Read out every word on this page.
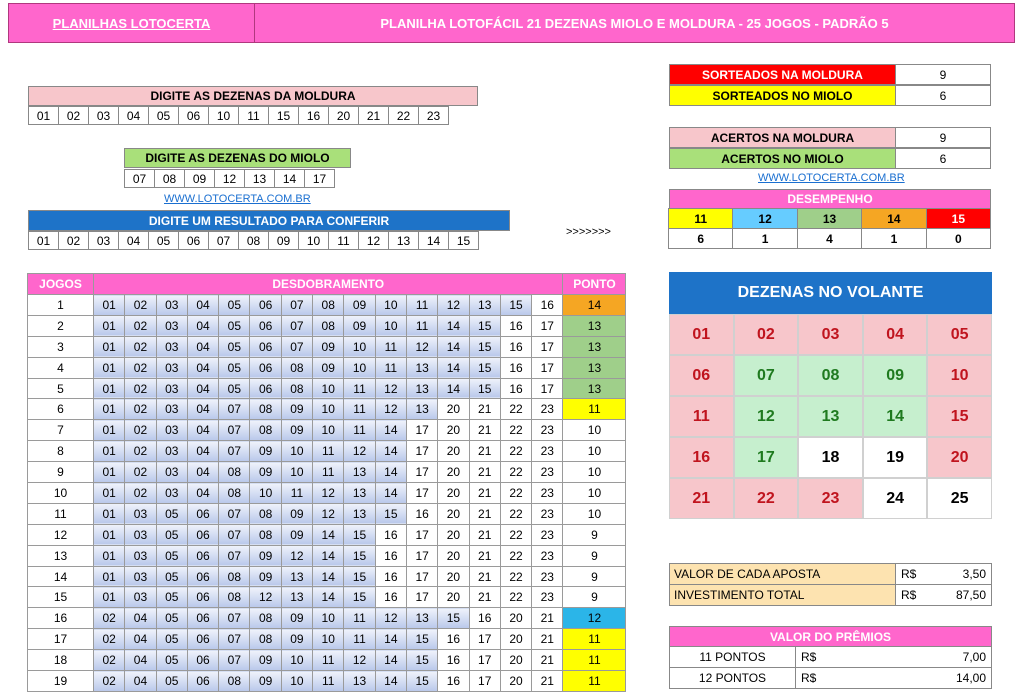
PLANILHAS LOTOCERTA	PLANILHA LOTOFÁCIL 21 DEZENAS MIOLO E MOLDURA - 25 JOGOS - PADRÃO 5
DIGITE AS DEZENAS DA MOLDURA
01	02	03	04	05	06	10	11	15	16	20	21	22	23
DIGITE AS DEZENAS DO MIOLO
07	08	09	12	13	14	17
WWW.LOTOCERTA.COM.BR
DIGITE UM RESULTADO PARA CONFERIR
01	02	03	04	05	06	07	08	09	10	11	12	13	14	15
>>>>>>>
SORTEADOS NA MOLDURA	9
SORTEADOS NO MIOLO	6
ACERTOS NA MOLDURA	9
ACERTOS NO MIOLO	6
WWW.LOTOCERTA.COM.BR
DESEMPENHO
11	12	13	14	15
6	1	4	1	0
JOGOS	DESDOBRAMENTO															PONTO
1	01	02	03	04	05	06	07	08	09	10	11	12	13	15	16	14
2	01	02	03	04	05	06	07	08	09	10	11	14	15	16	17	13
3	01	02	03	04	05	06	07	09	10	11	12	14	15	16	17	13
4	01	02	03	04	05	06	08	09	10	11	13	14	15	16	17	13
5	01	02	03	04	05	06	08	10	11	12	13	14	15	16	17	13
6	01	02	03	04	07	08	09	10	11	12	13	20	21	22	23	11
7	01	02	03	04	07	08	09	10	11	14	17	20	21	22	23	10
8	01	02	03	04	07	09	10	11	12	14	17	20	21	22	23	10
9	01	02	03	04	08	09	10	11	13	14	17	20	21	22	23	10
10	01	02	03	04	08	10	11	12	13	14	17	20	21	22	23	10
11	01	03	05	06	07	08	09	12	13	15	16	20	21	22	23	10
12	01	03	05	06	07	08	09	14	15	16	17	20	21	22	23	9
13	01	03	05	06	07	09	12	14	15	16	17	20	21	22	23	9
14	01	03	05	06	08	09	13	14	15	16	17	20	21	22	23	9
15	01	03	05	06	08	12	13	14	15	16	17	20	21	22	23	9
16	02	04	05	06	07	08	09	10	11	12	13	15	16	20	21	12
17	02	04	05	06	07	08	09	10	11	14	15	16	17	20	21	11
18	02	04	05	06	07	09	10	11	12	14	15	16	17	20	21	11
19	02	04	05	06	08	09	10	11	13	14	15	16	17	20	21	11
DEZENAS NO VOLANTE
01	02	03	04	05
06	07	08	09	10
11	12	13	14	15
16	17	18	19	20
21	22	23	24	25
VALOR DE CADA APOSTA	R$	3,50
INVESTIMENTO TOTAL	R$	87,50
VALOR DO PRÊMIOS
11 PONTOS	R$	7,00
12 PONTOS	R$	14,00
